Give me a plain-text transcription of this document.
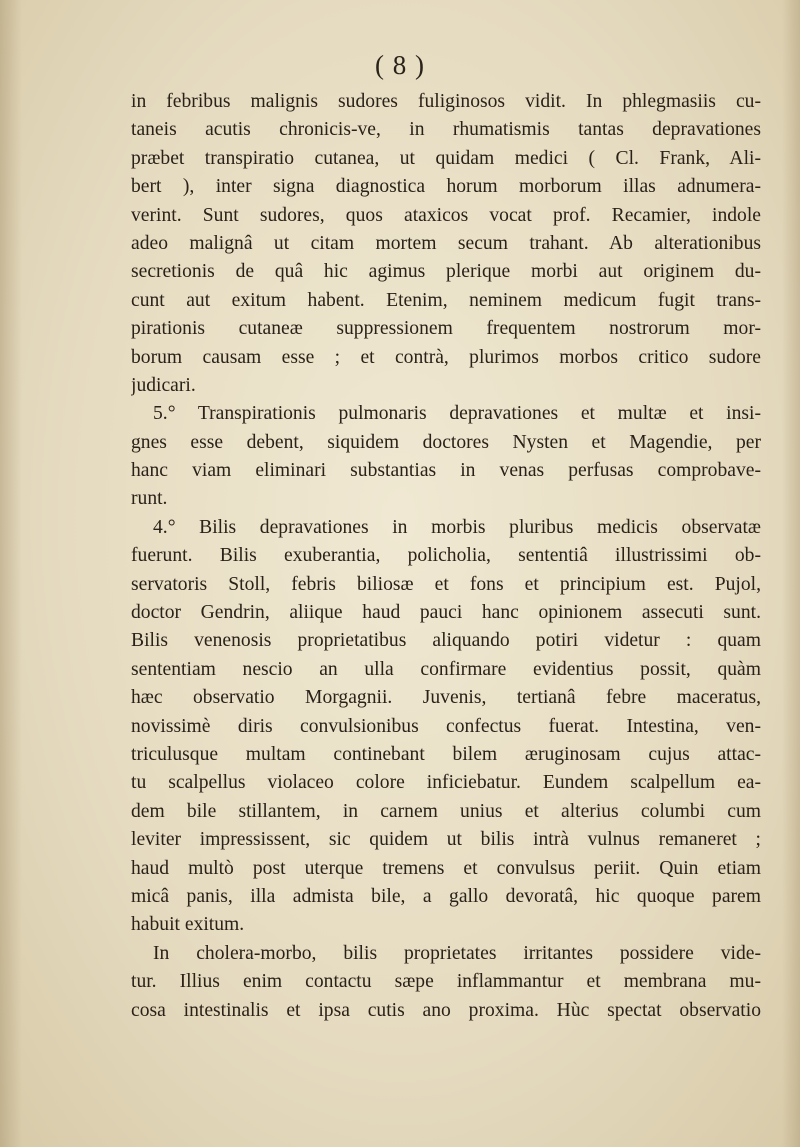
( 8 )
in febribus malignis sudores fuliginosos vidit. In phlegmasiis cu-
taneis acutis chronicis-ve, in rhumatismis tantas depravationes
præbet transpiratio cutanea, ut quidam medici ( Cl. Frank, Ali-
bert ), inter signa diagnostica horum morborum illas adnumera-
verint. Sunt sudores, quos ataxicos vocat prof. Recamier, indole
adeo malignâ ut citam mortem secum trahant. Ab alterationibus
secretionis de quâ hic agimus plerique morbi aut originem du-
cunt aut exitum habent. Etenim, neminem medicum fugit trans-
pirationis cutaneæ suppressionem frequentem nostrorum mor-
borum causam esse ; et contrà, plurimos morbos critico sudore
judicari.
5.° Transpirationis pulmonaris depravationes et multæ et insi-
gnes esse debent, siquidem doctores Nysten et Magendie, per
hanc viam eliminari substantias in venas perfusas comprobave-
runt.
4.° Bilis depravationes in morbis pluribus medicis observatæ
fuerunt. Bilis exuberantia, policholia, sententiâ illustrissimi ob-
servatoris Stoll, febris biliosæ et fons et principium est. Pujol,
doctor Gendrin, aliique haud pauci hanc opinionem assecuti sunt.
Bilis venenosis proprietatibus aliquando potiri videtur : quam
sententiam nescio an ulla confirmare evidentius possit, quàm
hæc observatio Morgagnii. Juvenis, tertianâ febre maceratus,
novissimè diris convulsionibus confectus fuerat. Intestina, ven-
triculusque multam continebant bilem æruginosam cujus attac-
tu scalpellus violaceo colore inficiebatur. Eundem scalpellum ea-
dem bile stillantem, in carnem unius et alterius columbi cum
leviter impressissent, sic quidem ut bilis intrà vulnus remaneret ;
haud multò post uterque tremens et convulsus periit. Quin etiam
micâ panis, illa admista bile, a gallo devoratâ, hic quoque parem
habuit exitum.
In cholera-morbo, bilis proprietates irritantes possidere vide-
tur. Illius enim contactu sæpe inflammantur et membrana mu-
cosa intestinalis et ipsa cutis ano proxima. Hùc spectat observatio
